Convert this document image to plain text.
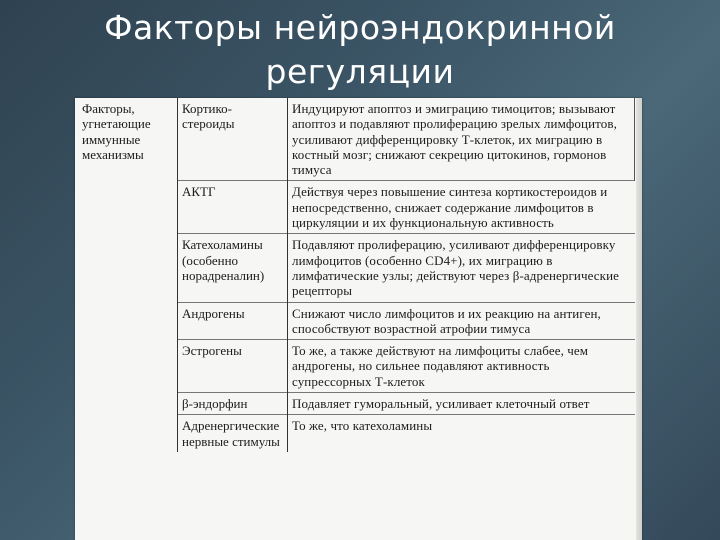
Факторы нейроэндокринной
регуляции
Факторы, угнетающие иммунные механизмы	Кортико-стероиды	Индуцируют апоптоз и эмиграцию тимоцитов; вызывают апоптоз и подавляют пролиферацию зрелых лимфоцитов, усиливают дифференцировку Т-клеток, их миграцию в костный мозг; снижают секрецию цитокинов, гормонов тимуса
	АКТГ	Действуя через повышение синтеза кортикостероидов и непосредственно, снижает содержание лимфоцитов в циркуляции и их функциональную активность
	Катехоламины (особенно норадреналин)	Подавляют пролиферацию, усиливают дифференцировку лимфоцитов (особенно CD4+), их миграцию в лимфатические узлы; действуют через β-адренергические рецепторы
	Андрогены	Снижают число лимфоцитов и их реакцию на антиген, способствуют возрастной атрофии тимуса
	Эстрогены	То же, а также действуют на лимфоциты слабее, чем андрогены, но сильнее подавляют активность супрессорных Т-клеток
	β-эндорфин	Подавляет гуморальный, усиливает клеточный ответ
	Адренергические нервные стимулы	То же, что катехоламины
